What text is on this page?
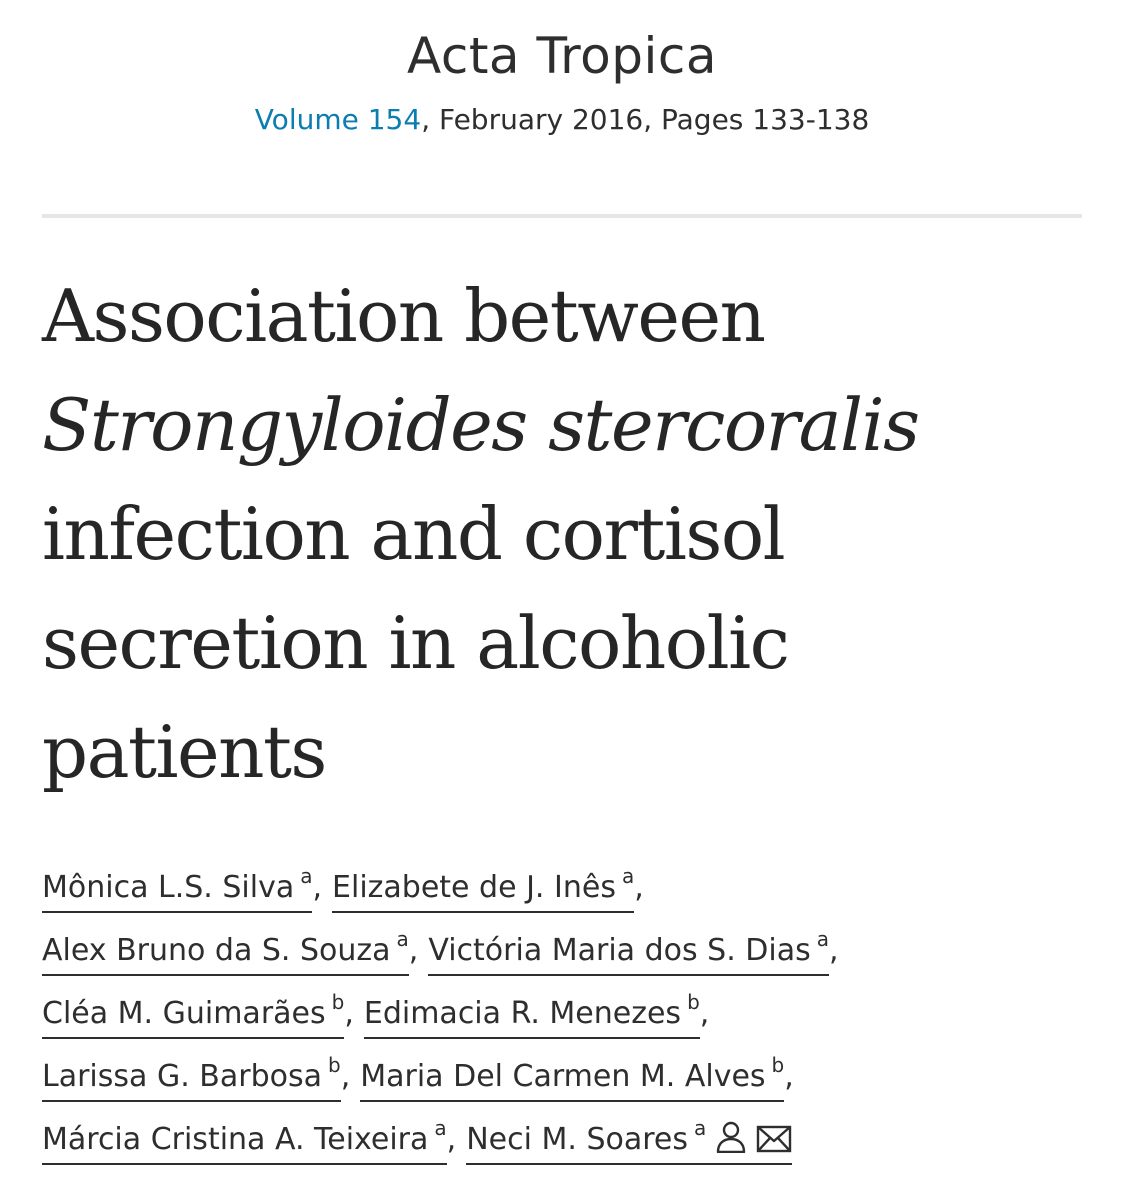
Acta Tropica
Volume 154, February 2016, Pages 133-138
Association between Strongyloides stercoralis infection and cortisol secretion in alcoholic patients
Mônica L.S. Silva $^a$, Elizabete de J. Inês $^a$,
Alex Bruno da S. Souza $^a$, Victória Maria dos S. Dias $^a$,
Cléa M. Guimarães $^b$, Edimacia R. Menezes $^b$,
Larissa G. Barbosa $^b$, Maria Del Carmen M. Alves $^b$,
Márcia Cristina A. Teixeira $^a$, Neci M. Soares $^a$
